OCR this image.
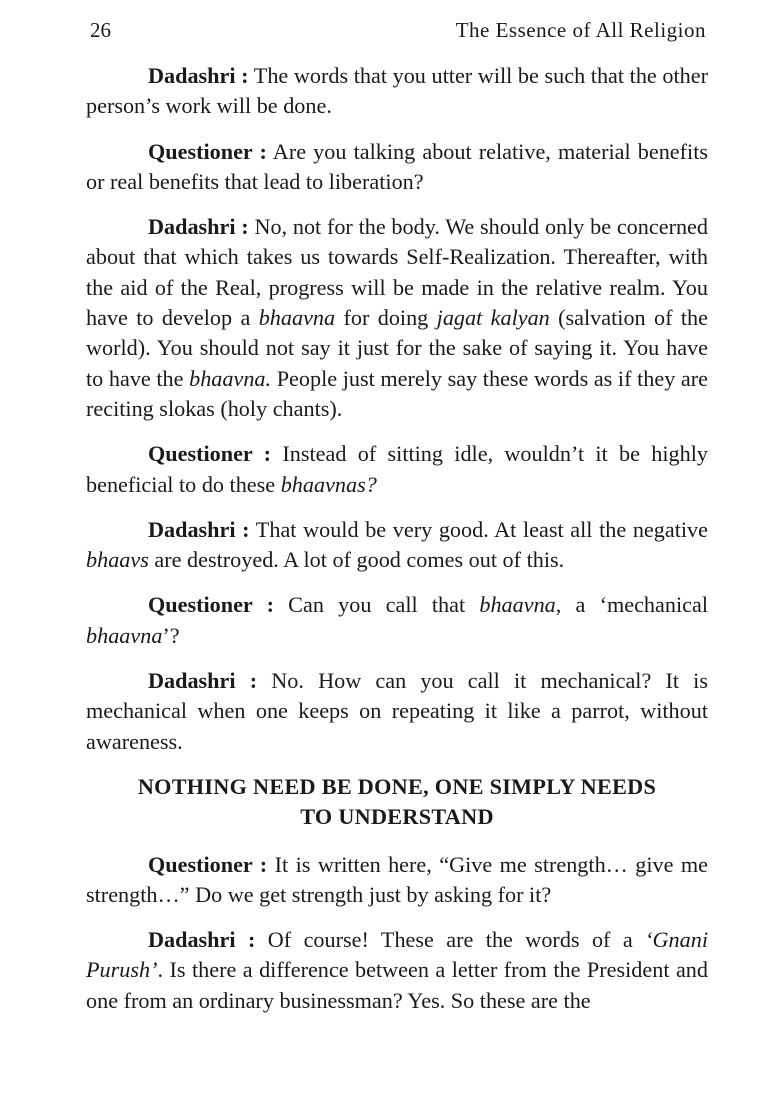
26	The Essence of All Religion

Dadashri : The words that you utter will be such that the other person’s work will be done.

Questioner : Are you talking about relative, material benefits or real benefits that lead to liberation?

Dadashri : No, not for the body. We should only be concerned about that which takes us towards Self-Realization. Thereafter, with the aid of the Real, progress will be made in the relative realm. You have to develop a bhaavna for doing jagat kalyan (salvation of the world). You should not say it just for the sake of saying it. You have to have the bhaavna. People just merely say these words as if they are reciting slokas (holy chants).

Questioner : Instead of sitting idle, wouldn’t it be highly beneficial to do these bhaavnas?

Dadashri : That would be very good. At least all the negative bhaavs are destroyed. A lot of good comes out of this.

Questioner : Can you call that bhaavna, a ‘mechanical bhaavna’?

Dadashri : No. How can you call it mechanical? It is mechanical when one keeps on repeating it like a parrot, without awareness.

NOTHING NEED BE DONE, ONE SIMPLY NEEDS
TO UNDERSTAND

Questioner : It is written here, “Give me strength… give me strength…” Do we get strength just by asking for it?

Dadashri : Of course! These are the words of a ‘Gnani Purush’. Is there a difference between a letter from the President and one from an ordinary businessman? Yes. So these are the
